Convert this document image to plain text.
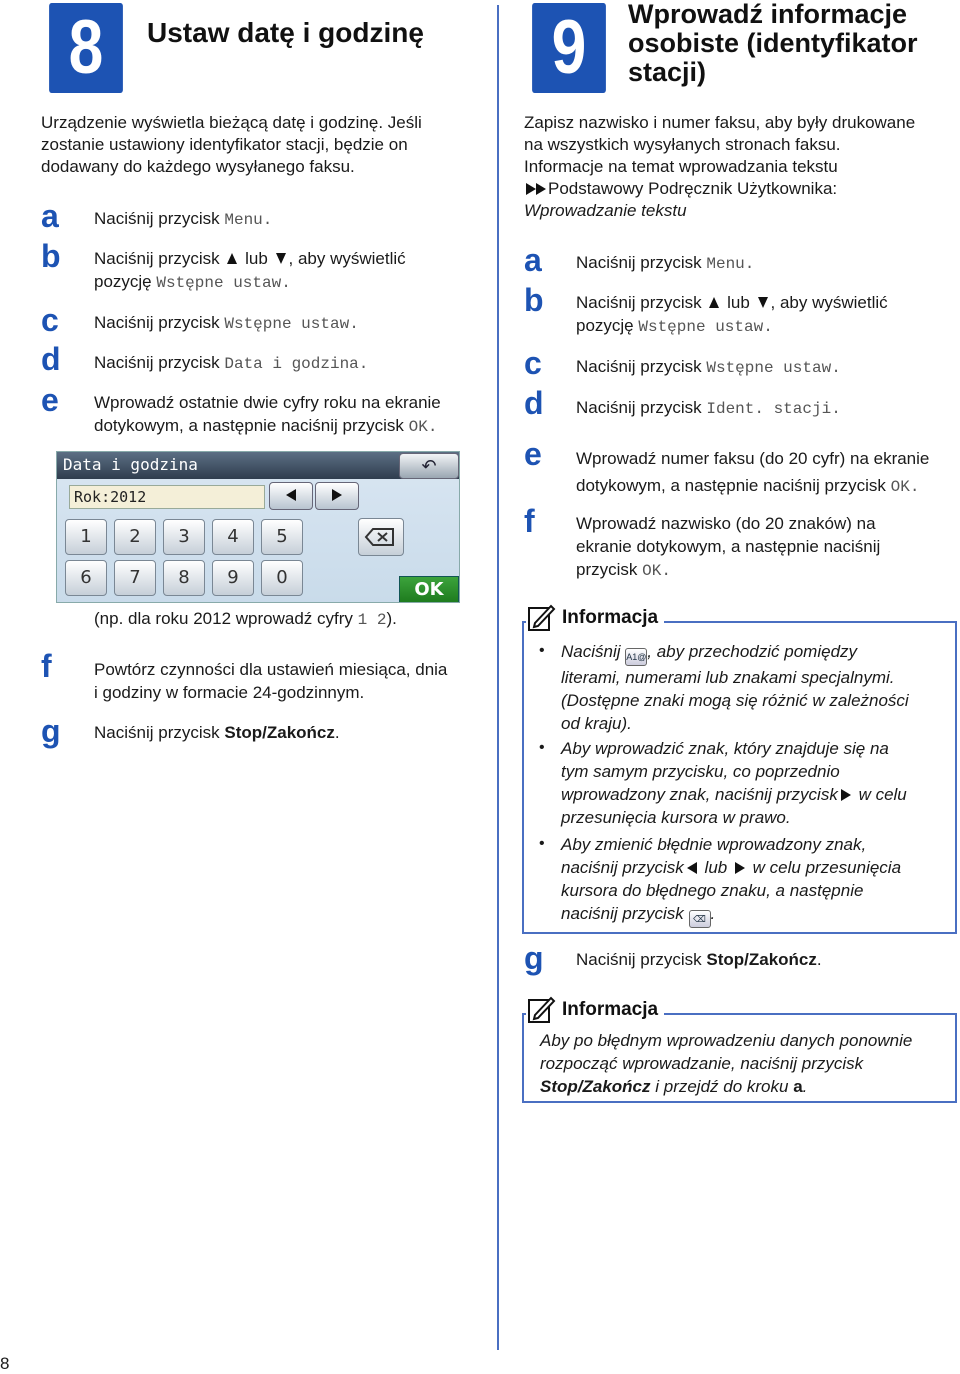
8	Ustaw datę i godzinę
Urządzenie wyświetla bieżącą datę i godzinę. Jeśli
zostanie ustawiony identyfikator stacji, będzie on
dodawany do każdego wysyłanego faksu.
a Naciśnij przycisk Menu.
b Naciśnij przycisk  lub , aby wyświetlić
pozycję Wstępne ustaw.
c Naciśnij przycisk Wstępne ustaw.
d Naciśnij przycisk Data i godzina.
e Wprowadź ostatnie dwie cyfry roku na ekranie
dotykowym, a następnie naciśnij przycisk OK.
Data i godzina	↶
Rok:2012
1	2	3	4	5
6	7	8	9	0
OK
(np. dla roku 2012 wprowadź cyfry 1 2).
f Powtórz czynności dla ustawień miesiąca, dnia
i godziny w formacie 24-godzinnym.
g Naciśnij przycisk Stop/Zakończ.
9	Wprowadź informacje
osobiste (identyfikator
stacji)
Zapisz nazwisko i numer faksu, aby były drukowane
na wszystkich wysyłanych stronach faksu.
Informacje na temat wprowadzania tekstu
Podstawowy Podręcznik Użytkownika:
Wprowadzanie tekstu
a Naciśnij przycisk Menu.
b Naciśnij przycisk  lub , aby wyświetlić
pozycję Wstępne ustaw.
c Naciśnij przycisk Wstępne ustaw.
d Naciśnij przycisk Ident. stacji.
e Wprowadź numer faksu (do 20 cyfr) na ekranie
dotykowym, a następnie naciśnij przycisk OK.
f Wprowadź nazwisko (do 20 znaków) na
ekranie dotykowym, a następnie naciśnij
przycisk OK.
Informacja
• Naciśnij A1@, aby przechodzić pomiędzy
literami, numerami lub znakami specjalnymi.
(Dostępne znaki mogą się różnić w zależności
od kraju).
• Aby wprowadzić znak, który znajduje się na
tym samym przycisku, co poprzednio
wprowadzony znak, naciśnij przycisk w celu
przesunięcia kursora w prawo.
• Aby zmienić błędnie wprowadzony znak,
naciśnij przycisk lub  w celu przesunięcia
kursora do błędnego znaku, a następnie
naciśnij przycisk ⌫ .
g Naciśnij przycisk Stop/Zakończ.
Informacja
Aby po błędnym wprowadzeniu danych ponownie
rozpocząć wprowadzanie, naciśnij przycisk
Stop/Zakończ i przejdź do kroku a.
8
